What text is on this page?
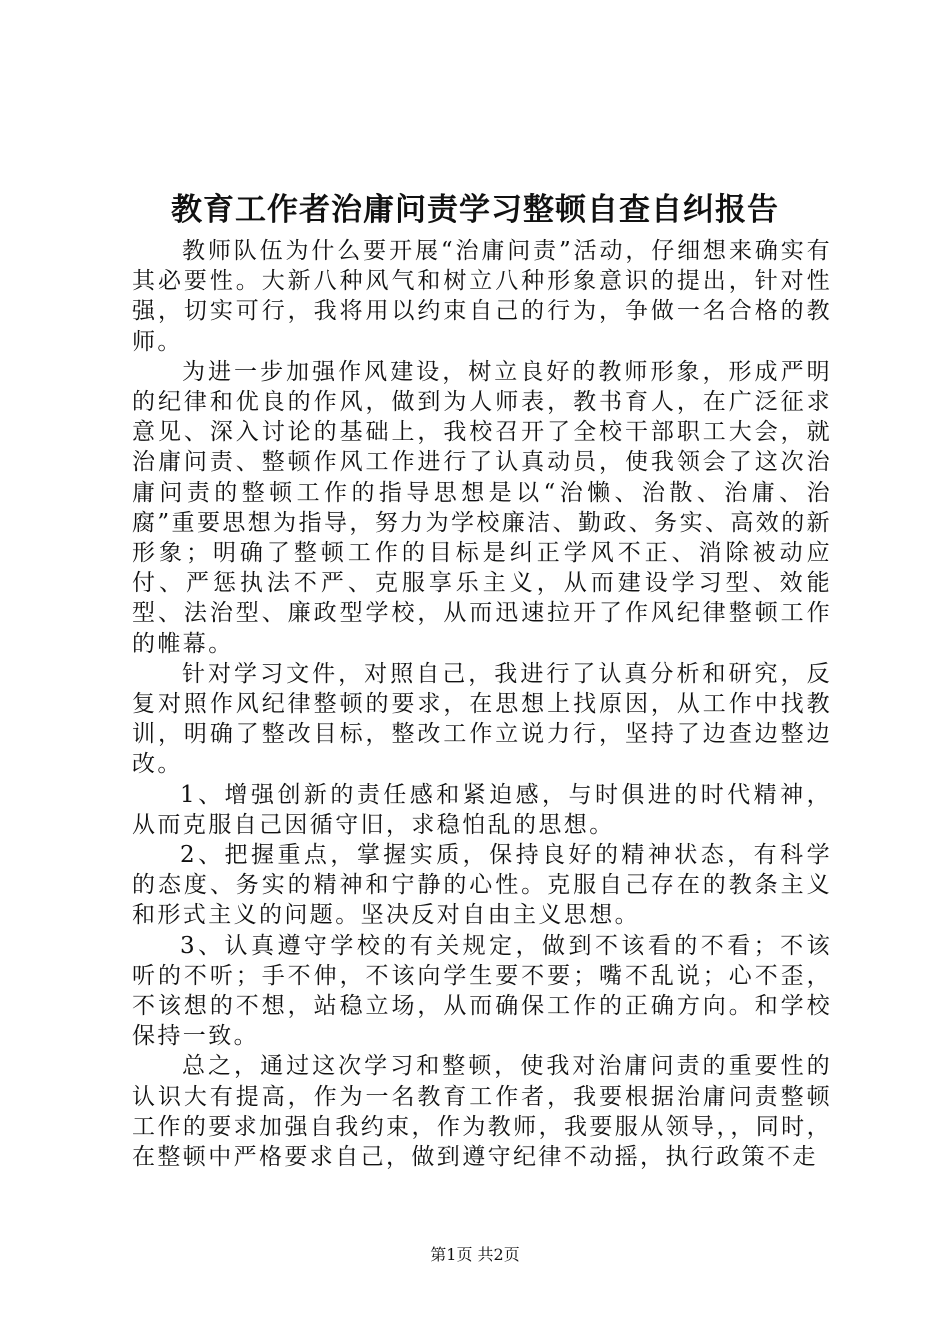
教育工作者治庸问责学习整顿自查自纠报告

教师队伍为什么要开展“治庸问责”活动，仔细想来确实有其必要性。大新八种风气和树立八种形象意识的提出，针对性强，切实可行，我将用以约束自己的行为，争做一名合格的教师。

为进一步加强作风建设，树立良好的教师形象，形成严明的纪律和优良的作风，做到为人师表，教书育人，在广泛征求意见、深入讨论的基础上，我校召开了全校干部职工大会，就治庸问责、整顿作风工作进行了认真动员，使我领会了这次治庸问责的整顿工作的指导思想是以“治懒、治散、治庸、治腐”重要思想为指导，努力为学校廉洁、勤政、务实、高效的新形象；明确了整顿工作的目标是纠正学风不正、消除被动应付、严惩执法不严、克服享乐主义，从而建设学习型、效能型、法治型、廉政型学校，从而迅速拉开了作风纪律整顿工作的帷幕。

针对学习文件，对照自己，我进行了认真分析和研究，反复对照作风纪律整顿的要求，在思想上找原因，从工作中找教训，明确了整改目标，整改工作立说力行，坚持了边查边整边改。

1、增强创新的责任感和紧迫感，与时俱进的时代精神，从而克服自己因循守旧，求稳怕乱的思想。

2、把握重点，掌握实质，保持良好的精神状态，有科学的态度、务实的精神和宁静的心性。克服自己存在的教条主义和形式主义的问题。坚决反对自由主义思想。

3、认真遵守学校的有关规定，做到不该看的不看；不该听的不听；手不伸，不该向学生要不要；嘴不乱说；心不歪，不该想的不想，站稳立场，从而确保工作的正确方向。和学校保持一致。

总之，通过这次学习和整顿，使我对治庸问责的重要性的认识大有提高，作为一名教育工作者，我要根据治庸问责整顿工作的要求加强自我约束，作为教师，我要服从领导，，同时，在整顿中严格要求自己，做到遵守纪律不动摇，执行政策不走

第1页 共2页
